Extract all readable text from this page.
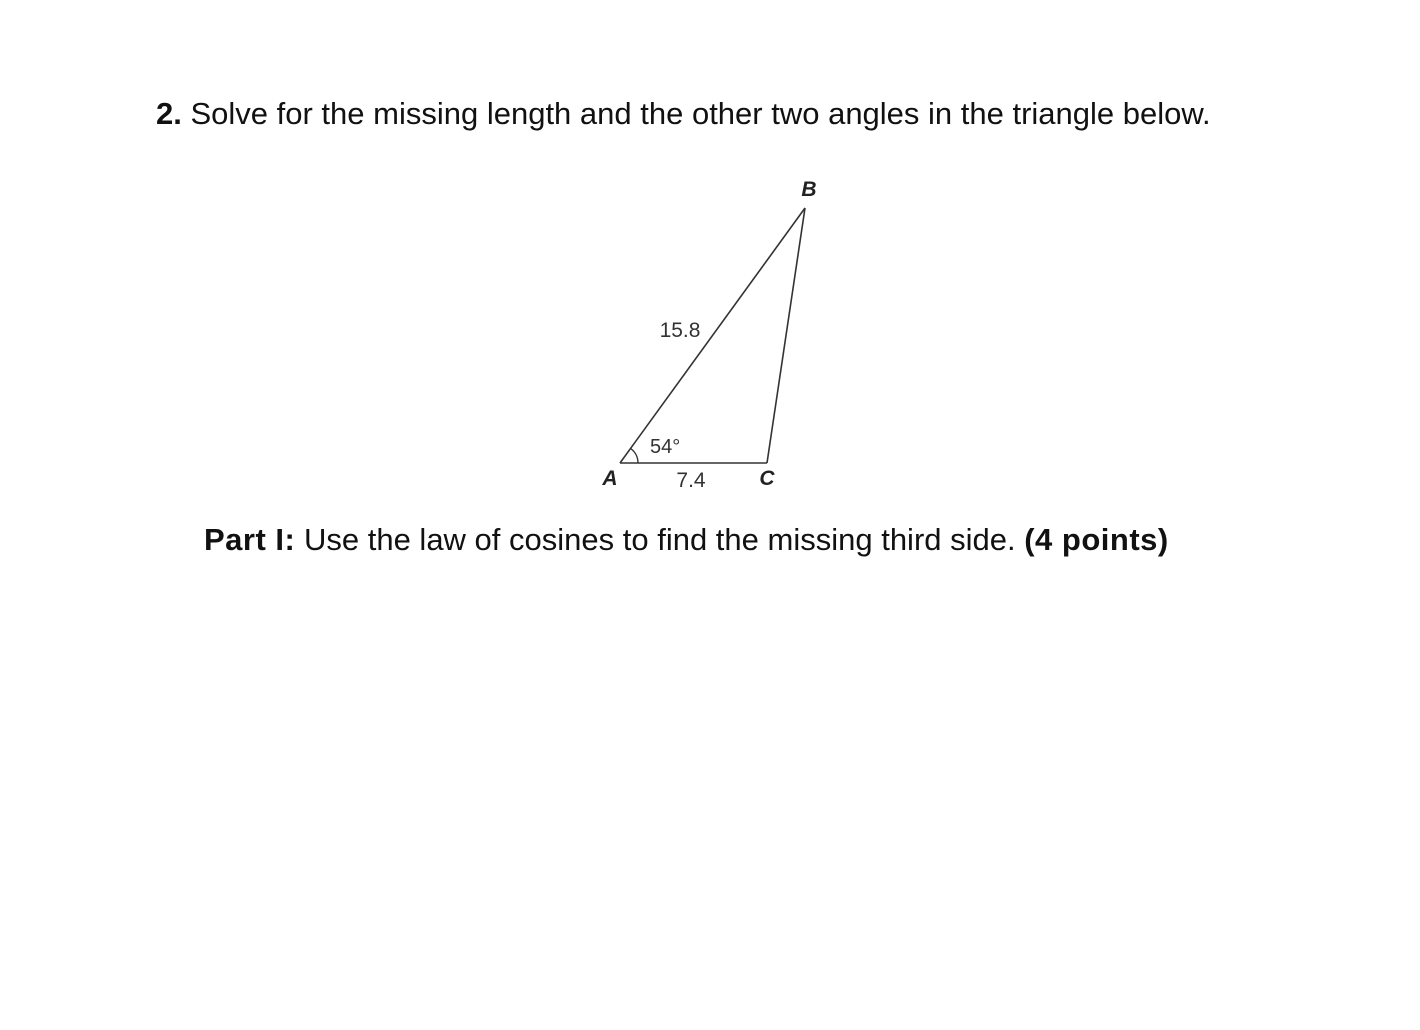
2. Solve for the missing length and the other two angles in the triangle below.
B
A	C
15.8
7.4
54°
Part I: Use the law of cosines to find the missing third side. (4 points)
